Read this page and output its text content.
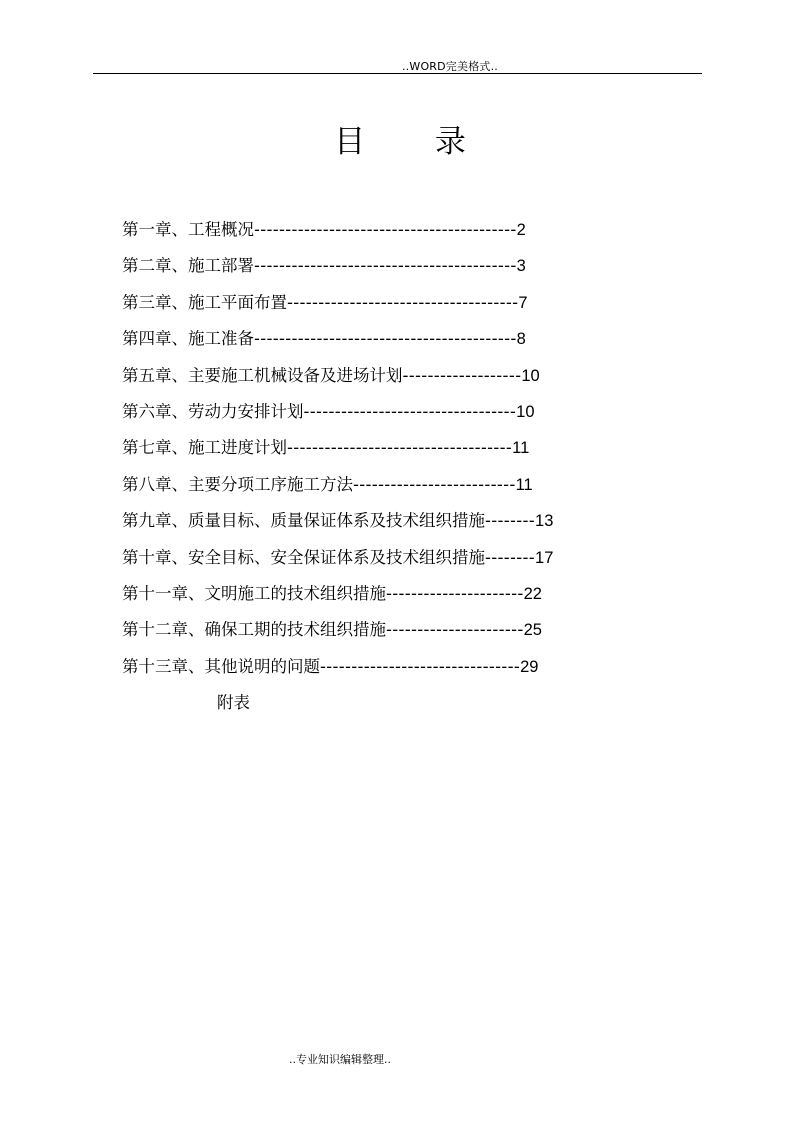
..WORD完美格式..
目 录
第一章、工程概况 ------------------------------------------ 2
第二章、施工部署 ------------------------------------------ 3
第三章、施工平面布置 ------------------------------------- 7
第四章、施工准备 ------------------------------------------ 8
第五章、主要施工机械设备及进场计划 ------------------- 10
第六章、劳动力安排计划 ---------------------------------- 10
第七章、施工进度计划 ------------------------------------ 11
第八章、主要分项工序施工方法 -------------------------- 11
第九章、质量目标、质量保证体系及技术组织措施 -------- 13
第十章、安全目标、安全保证体系及技术组织措施 -------- 17
第十一章、文明施工的技术组织措施 ---------------------- 22
第十二章、确保工期的技术组织措施 ---------------------- 25
第十三章、其他说明的问题 -------------------------------- 29
附表
..专业知识编辑整理..
